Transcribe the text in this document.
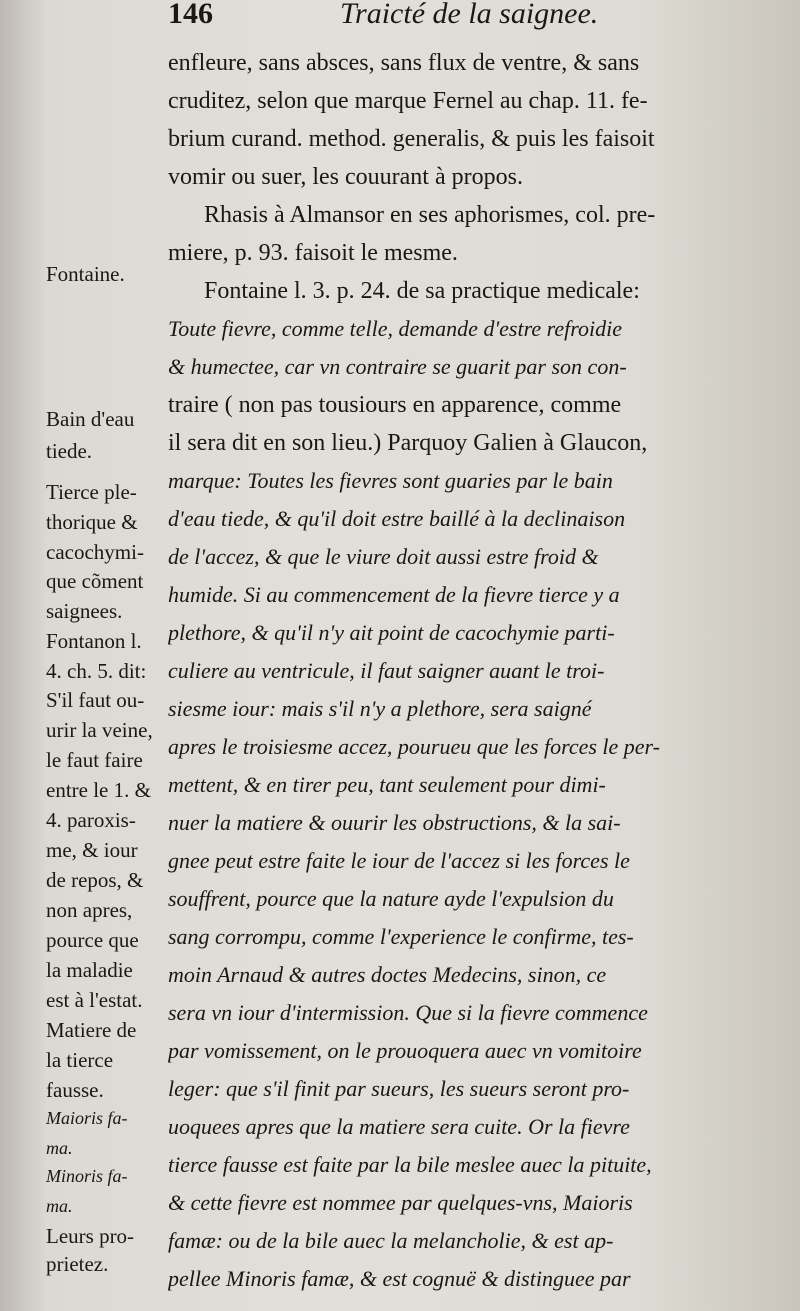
146	Traicté de la saignee.
enfleure, sans absces, sans flux de ventre, & sans
cruditez, selon que marque Fernel au chap. 11. fe-
brium curand. method. generalis, & puis les faisoit
vomir ou suer, les couurant à propos.
Rhasis à Almansor en ses aphorismes, col. pre-
miere, p. 93. faisoit le mesme.
Fontaine l. 3. p. 24. de sa practique medicale:
Toute fievre, comme telle, demande d'estre refroidie
& humectee, car vn contraire se guarit par son con-
traire ( non pas tousiours en apparence, comme
il sera dit en son lieu.) Parquoy Galien à Glaucon,
marque: Toutes les fievres sont guaries par le bain
d'eau tiede, & qu'il doit estre baillé à la declinaison
de l'accez, & que le viure doit aussi estre froid &
humide. Si au commencement de la fievre tierce y a
plethore, & qu'il n'y ait point de cacochymie parti-
culiere au ventricule, il faut saigner auant le troi-
siesme iour: mais s'il n'y a plethore, sera saigné
apres le troisiesme accez, pourueu que les forces le per-
mettent, & en tirer peu, tant seulement pour dimi-
nuer la matiere & ouurir les obstructions, & la sai-
gnee peut estre faite le iour de l'accez si les forces le
souffrent, pource que la nature ayde l'expulsion du
sang corrompu, comme l'experience le confirme, tes-
moin Arnaud & autres doctes Medecins, sinon, ce
sera vn iour d'intermission. Que si la fievre commence
par vomissement, on le prouoquera auec vn vomitoire
leger: que s'il finit par sueurs, les sueurs seront pro-
uoquees apres que la matiere sera cuite. Or la fievre
tierce fausse est faite par la bile meslee auec la pituite,
& cette fievre est nommee par quelques-vns, Maioris
famæ: ou de la bile auec la melancholie, & est ap-
pellee Minoris famæ, & est cognuë & distinguee par
Fontaine.
Bain d'eau
tiede.
Tierce ple-
thorique &
cacochymi-
que cõment
saignees.
Fontanon l.
4. ch. 5. dit:
S'il faut ou-
urir la veine,
le faut faire
entre le 1. &
4. paroxis-
me, & iour
de repos, &
non apres,
pource que
la maladie
est à l'estat.
Matiere de
la tierce
fausse.
Maioris fa-
ma.
Minoris fa-
ma.
Leurs pro-
prietez.
